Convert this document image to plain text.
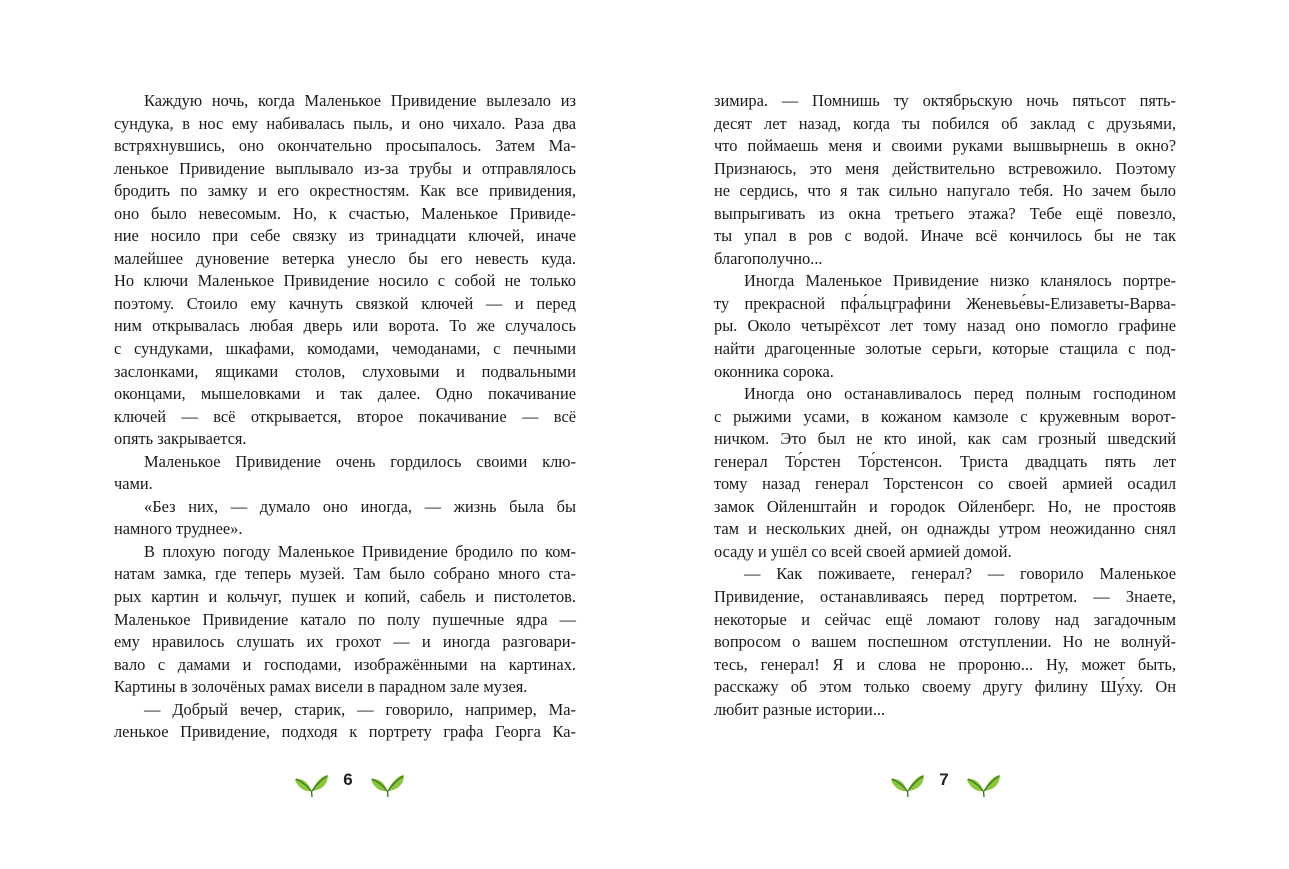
Каждую ночь, когда Маленькое Привидение вылезало из
сундука, в нос ему набивалась пыль, и оно чихало. Раза два
встряхнувшись, оно окончательно просыпалось. Затем Ма-
ленькое Привидение выплывало из-за трубы и отправлялось
бродить по замку и его окрестностям. Как все привидения,
оно было невесомым. Но, к счастью, Маленькое Привиде-
ние носило при себе связку из тринадцати ключей, иначе
малейшее дуновение ветерка унесло бы его невесть куда.
Но ключи Маленькое Привидение носило с собой не только
поэтому. Стоило ему качнуть связкой ключей — и перед
ним открывалась любая дверь или ворота. То же случалось
с сундуками, шкафами, комодами, чемоданами, с печными
заслонками, ящиками столов, слуховыми и подвальными
оконцами, мышеловками и так далее. Одно покачивание
ключей — всё открывается, второе покачивание — всё
опять закрывается.
Маленькое Привидение очень гордилось своими клю-
чами.
«Без них, — думало оно иногда, — жизнь была бы
намного труднее».
В плохую погоду Маленькое Привидение бродило по ком-
натам замка, где теперь музей. Там было собрано много ста-
рых картин и кольчуг, пушек и копий, сабель и пистолетов.
Маленькое Привидение катало по полу пушечные ядра —
ему нравилось слушать их грохот — и иногда разговари-
вало с дамами и господами, изображёнными на картинах.
Картины в золочёных рамах висели в парадном зале музея.
— Добрый вечер, старик, — говорило, например, Ма-
ленькое Привидение, подходя к портрету графа Георга Ка-
зимира. — Помнишь ту октябрьскую ночь пятьсот пять-
десят лет назад, когда ты побился об заклад с друзьями,
что поймаешь меня и своими руками вышвырнешь в окно?
Признаюсь, это меня действительно встревожило. Поэтому
не сердись, что я так сильно напугало тебя. Но зачем было
выпрыгивать из окна третьего этажа? Тебе ещё повезло,
ты упал в ров с водой. Иначе всё кончилось бы не так
благополучно...
Иногда Маленькое Привидение низко кланялось портре-
ту прекрасной пфа́льцграфини Женевье́вы-Елизаветы-Варва-
ры. Около четырёхсот лет тому назад оно помогло графине
найти драгоценные золотые серьги, которые стащила с под-
оконника сорока.
Иногда оно останавливалось перед полным господином
с рыжими усами, в кожаном камзоле с кружевным ворот-
ничком. Это был не кто иной, как сам грозный шведский
генерал То́рстен То́рстенсон. Триста двадцать пять лет
тому назад генерал Торстенсон со своей армией осадил
замок Ойленштайн и городок Ойленберг. Но, не простояв
там и нескольких дней, он однажды утром неожиданно снял
осаду и ушёл со всей своей армией домой.
— Как поживаете, генерал? — говорило Маленькое
Привидение, останавливаясь перед портретом. — Знаете,
некоторые и сейчас ещё ломают голову над загадочным
вопросом о вашем поспешном отступлении. Но не волнуй-
тесь, генерал! Я и слова не пророню... Ну, может быть,
расскажу об этом только своему другу филину Шу́ху. Он
любит разные истории...
6	7
